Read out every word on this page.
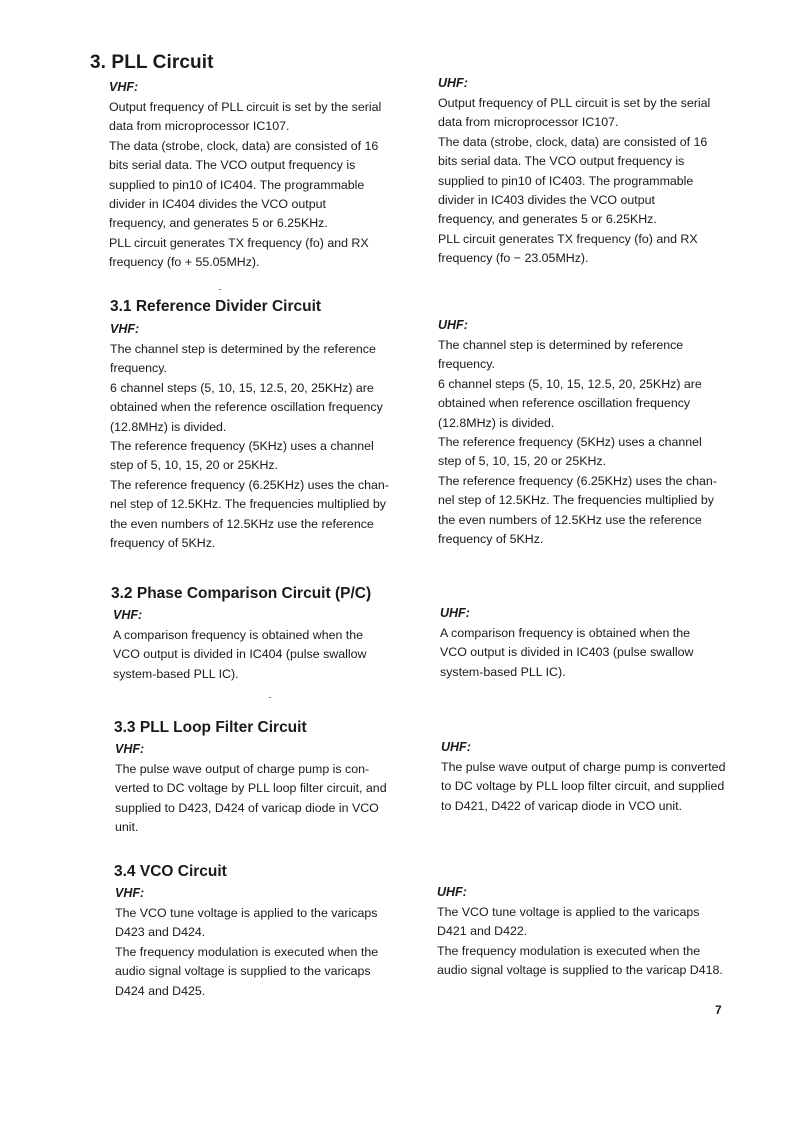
3. PLL Circuit
VHF:

Output frequency of PLL circuit is set by the serial
data from microprocessor IC107.
The data (strobe, clock, data) are consisted of 16
bits serial data. The VCO output frequency is
supplied to pin10 of IC404. The programmable
divider in IC404 divides the VCO output
frequency, and generates 5 or 6.25KHz.
PLL circuit generates TX frequency (fo) and RX
frequency (fo + 55.05MHz).

UHF:

Output frequency of PLL circuit is set by the serial
data from microprocessor IC107.
The data (strobe, clock, data) are consisted of 16
bits serial data. The VCO output frequency is
supplied to pin10 of IC403. The programmable
divider in IC403 divides the VCO output
frequency, and generates 5 or 6.25KHz.
PLL circuit generates TX frequency (fo) and RX
frequency (fo − 23.05MHz).

3.1 Reference Divider Circuit
VHF:

The channel step is determined by the reference
frequency.
6 channel steps (5, 10, 15, 12.5, 20, 25KHz) are
obtained when the reference oscillation frequency
(12.8MHz) is divided.
The reference frequency (5KHz) uses a channel
step of 5, 10, 15, 20 or 25KHz.
The reference frequency (6.25KHz) uses the chan-
nel step of 12.5KHz. The frequencies multiplied by
the even numbers of 12.5KHz use the reference
frequency of 5KHz.

UHF:

The channel step is determined by reference
frequency.
6 channel steps (5, 10, 15, 12.5, 20, 25KHz) are
obtained when reference oscillation frequency
(12.8MHz) is divided.
The reference frequency (5KHz) uses a channel
step of 5, 10, 15, 20 or 25KHz.
The reference frequency (6.25KHz) uses the chan-
nel step of 12.5KHz. The frequencies multiplied by
the even numbers of 12.5KHz use the reference
frequency of 5KHz.

3.2 Phase Comparison Circuit (P/C)
VHF:

A comparison frequency is obtained when the
VCO output is divided in IC404 (pulse swallow
system-based PLL IC).

UHF:

A comparison frequency is obtained when the
VCO output is divided in IC403 (pulse swallow
system-based PLL IC).

3.3 PLL Loop Filter Circuit
VHF:

The pulse wave output of charge pump is con-
verted to DC voltage by PLL loop filter circuit, and
supplied to D423, D424 of varicap diode in VCO
unit.

UHF:

The pulse wave output of charge pump is converted
to DC voltage by PLL loop filter circuit, and supplied
to D421, D422 of varicap diode in VCO unit.

3.4 VCO Circuit
VHF:

The VCO tune voltage is applied to the varicaps
D423 and D424.
The frequency modulation is executed when the
audio signal voltage is supplied to the varicaps
D424 and D425.

UHF:

The VCO tune voltage is applied to the varicaps
D421 and D422.
The frequency modulation is executed when the
audio signal voltage is supplied to the varicap D418.

7
